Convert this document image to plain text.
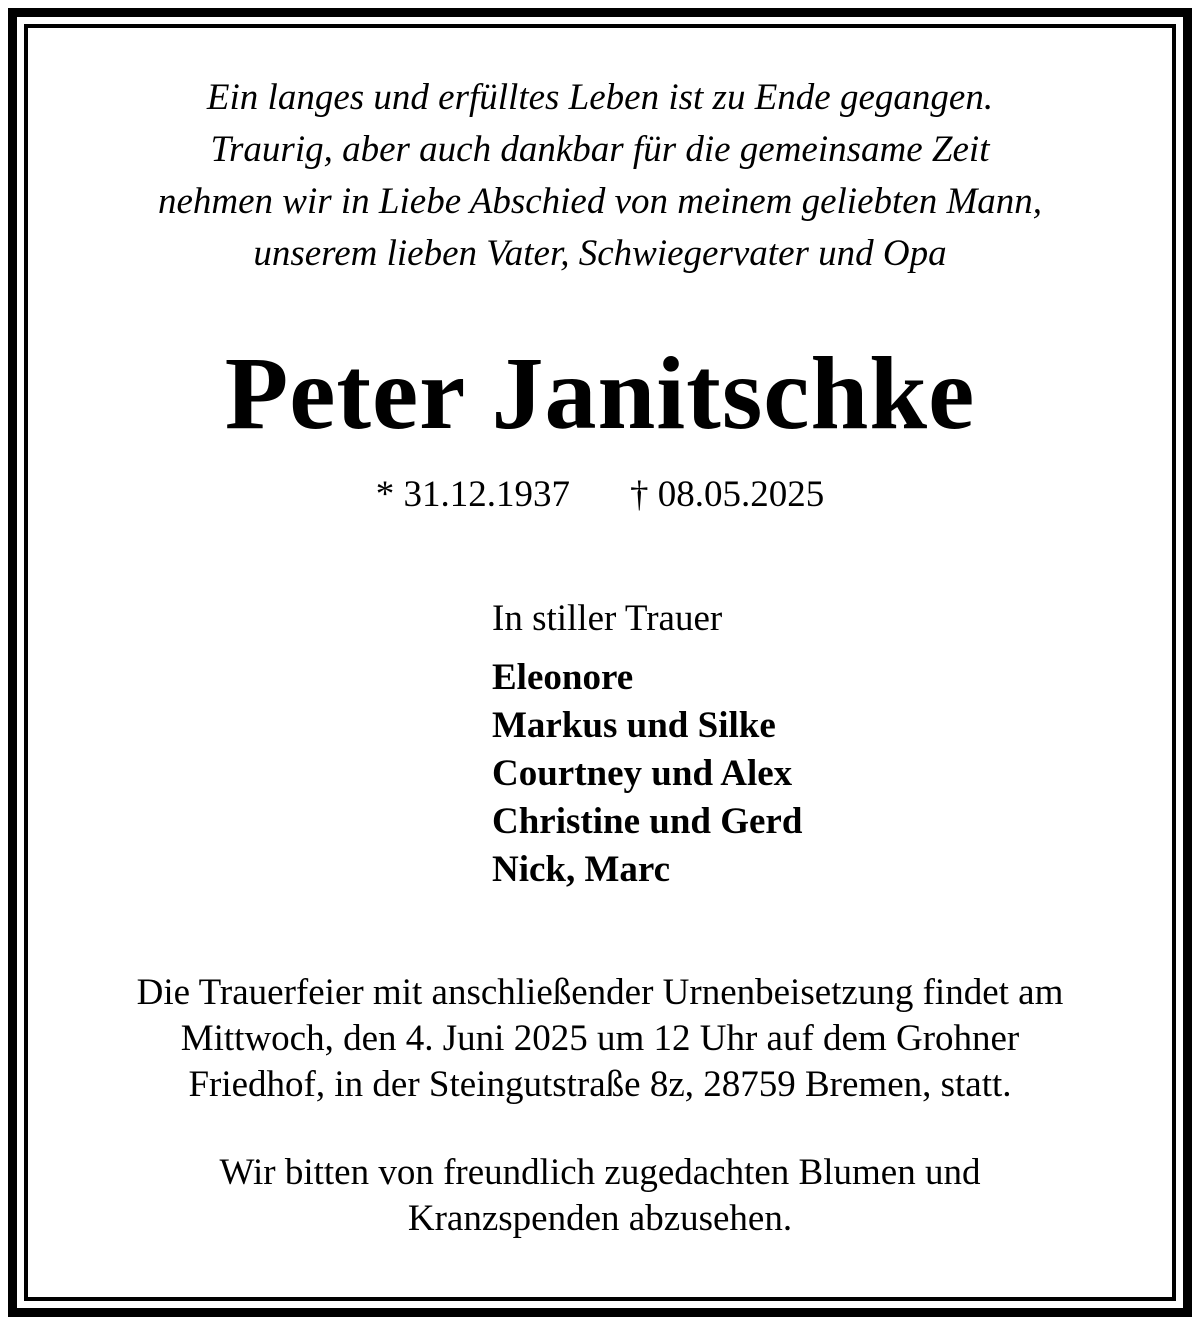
Ein langes und erfülltes Leben ist zu Ende gegangen.
Traurig, aber auch dankbar für die gemeinsame Zeit
nehmen wir in Liebe Abschied von meinem geliebten Mann,
unserem lieben Vater, Schwiegervater und Opa
Peter Janitschke
* 31.12.1937 † 08.05.2025
In stiller Trauer
Eleonore
Markus und Silke
Courtney und Alex
Christine und Gerd
Nick, Marc
Die Trauerfeier mit anschließender Urnenbeisetzung findet am
Mittwoch, den 4. Juni 2025 um 12 Uhr auf dem Grohner
Friedhof, in der Steingutstraße 8z, 28759 Bremen, statt.
Wir bitten von freundlich zugedachten Blumen und
Kranzspenden abzusehen.
